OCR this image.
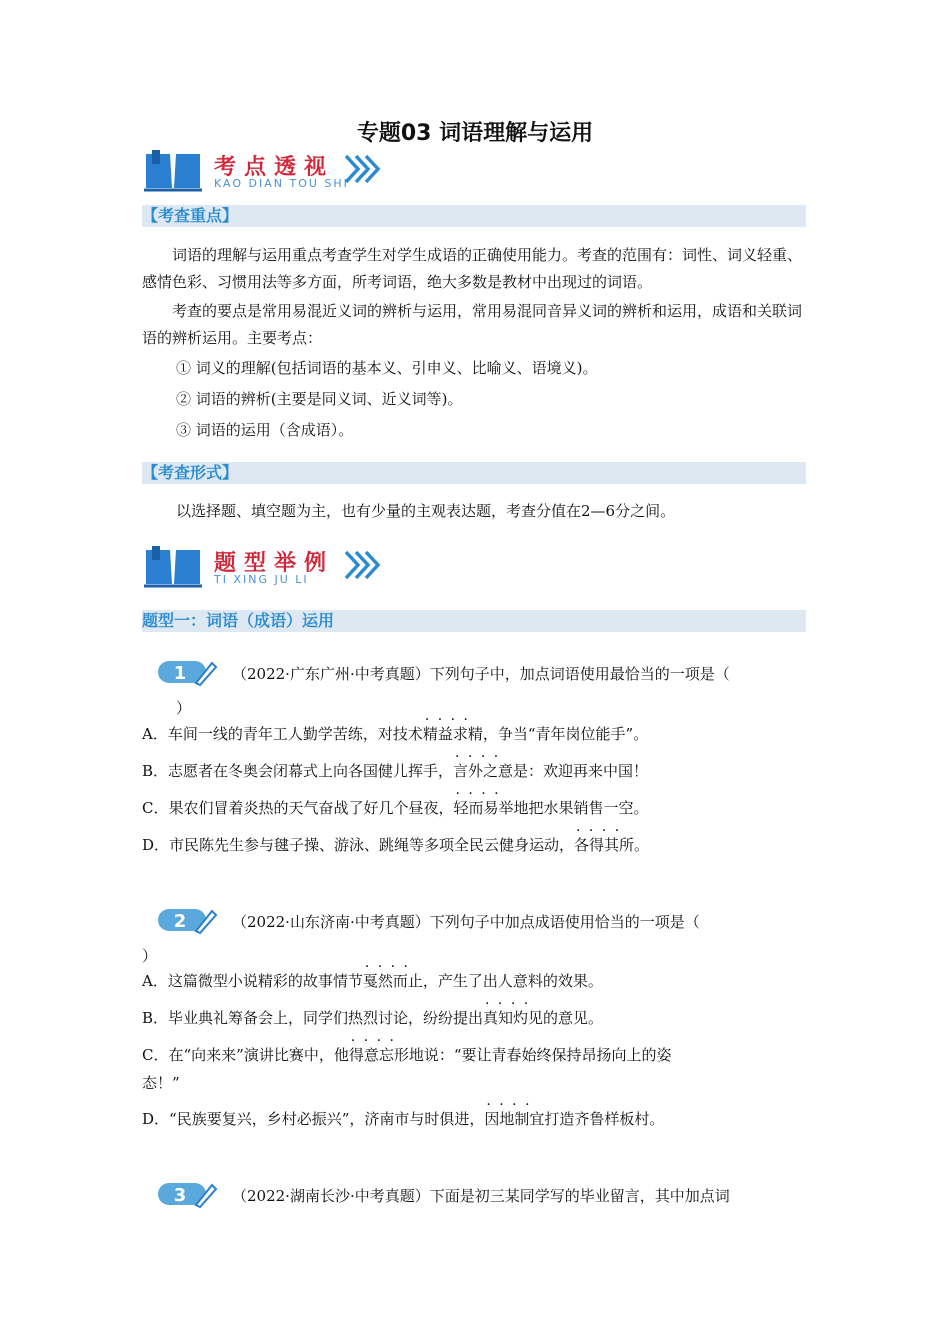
专题03 词语理解与运用
考点透视
KAO DIAN TOU SHI
【考查重点】
词语的理解与运用重点考查学生对学生成语的正确使用能力。考查的范围有：词性、词义轻重、感情色彩、习惯用法等多方面，所考词语，绝大多数是教材中出现过的词语。
考查的要点是常用易混近义词的辨析与运用，常用易混同音异义词的辨析和运用，成语和关联词语的辨析运用。主要考点：
① 词义的理解(包括词语的基本义、引申义、比喻义、语境义)。
② 词语的辨析(主要是同义词、近义词等)。
③ 词语的运用（含成语）。
【考查形式】
以选择题、填空题为主，也有少量的主观表达题，考查分值在2—6分之间。
题型举例
TI XING JU LI
题型一：词语（成语）运用
1	（2022·广东广州·中考真题）下列句子中，加点词语使用最恰当的一项是（
）
A．车间一线的青年工人勤学苦练，对技术· · · · 精益求精，争当“青年岗位能手”。
B．志愿者在冬奥会闭幕式上向各国健儿挥手，· · · · 言外之意是：欢迎再来中国！
C．果农们冒着炎热的天气奋战了好几个昼夜，· · · · 轻而易举地把水果销售一空。
D．市民陈先生参与毽子操、游泳、跳绳等多项全民云健身运动，· · · · 各得其所。
2	（2022·山东济南·中考真题）下列句子中加点成语使用恰当的一项是（
）
A．这篇微型小说精彩的故事情节· · · · 戛然而止，产生了出人意料的效果。
B．毕业典礼筹备会上，同学们热烈讨论，纷纷提出· · · · 真知灼见的意见。
C．在“向来来”演讲比赛中，他· · · · 得意忘形地说：“要让青春始终保持昂扬向上的姿
态！”
D．“民族要复兴，乡村必振兴”，济南市与时俱进，· · · · 因地制宜打造齐鲁样板村。
3	（2022·湖南长沙·中考真题）下面是初三某同学写的毕业留言，其中加点词
